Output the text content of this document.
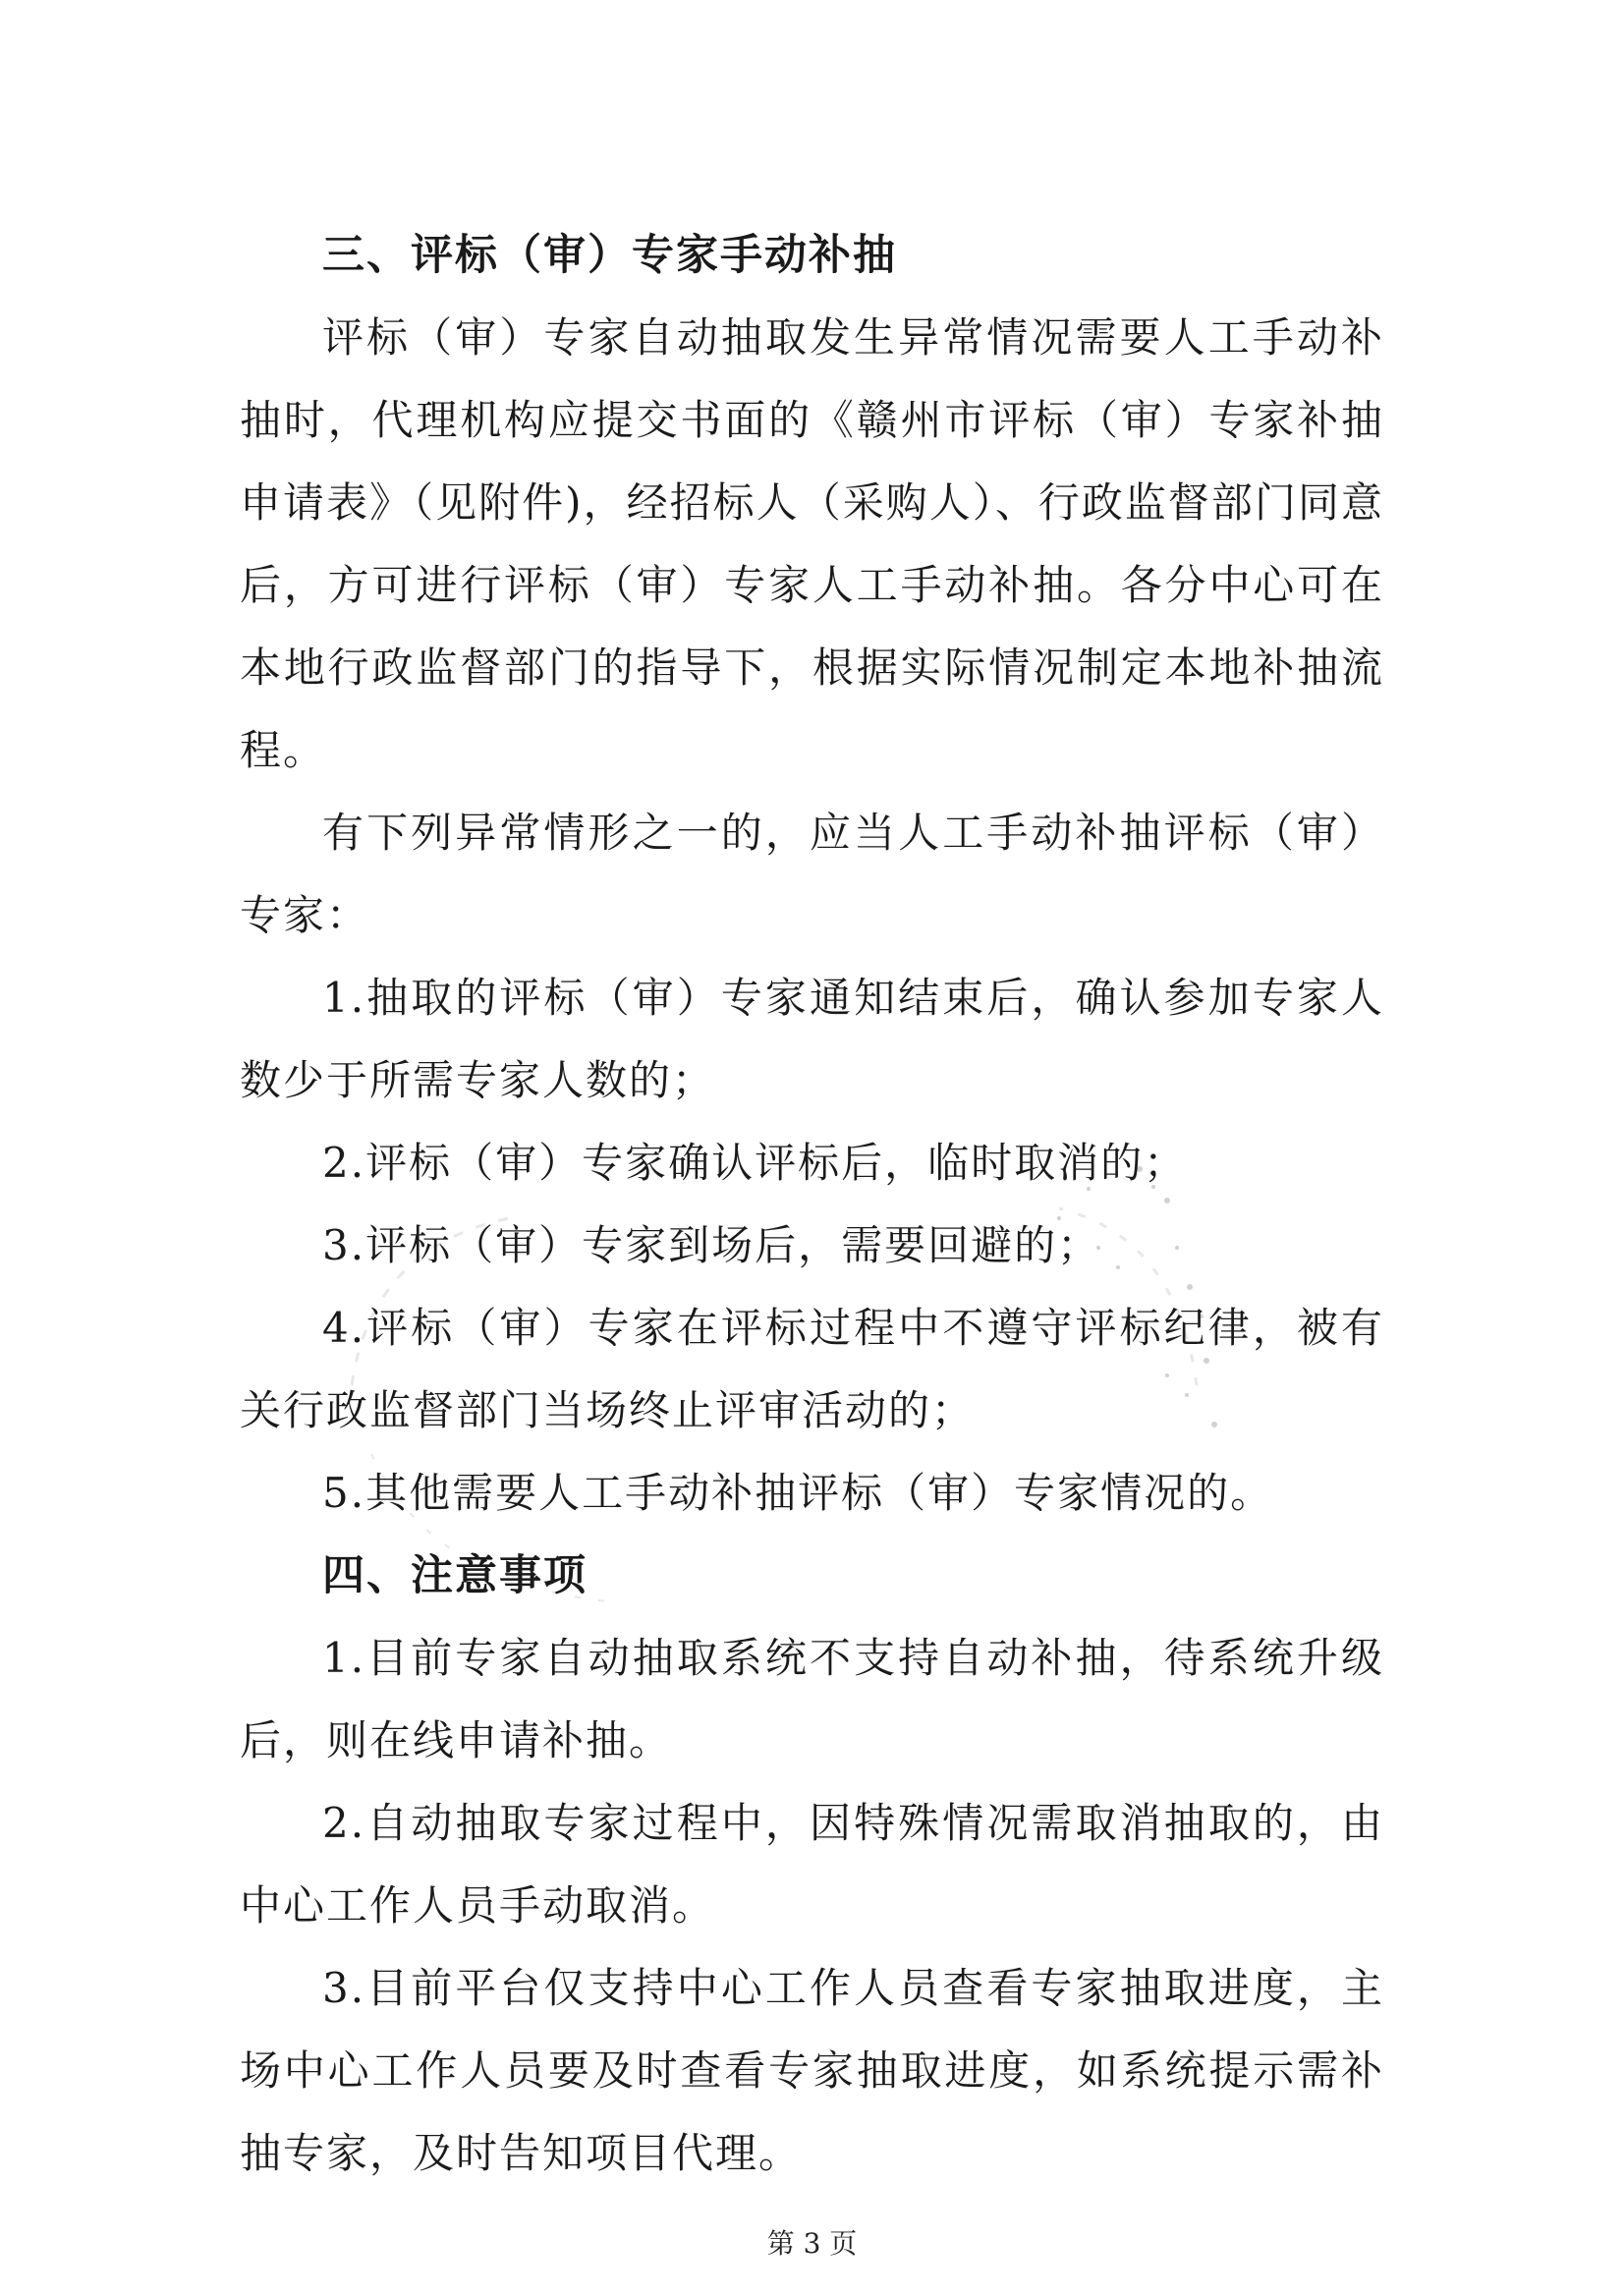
三、评标（审）专家手动补抽

评标（审）专家自动抽取发生异常情况需要人工手动补抽时，代理机构应提交书面的《赣州市评标（审）专家补抽申请表》（见附件)，经招标人（采购人）、行政监督部门同意后，方可进行评标（审）专家人工手动补抽。各分中心可在本地行政监督部门的指导下，根据实际情况制定本地补抽流程。

有下列异常情形之一的，应当人工手动补抽评标（审）专家：

1.抽取的评标（审）专家通知结束后，确认参加专家人数少于所需专家人数的；

2.评标（审）专家确认评标后，临时取消的；

3.评标（审）专家到场后，需要回避的；

4.评标（审）专家在评标过程中不遵守评标纪律，被有关行政监督部门当场终止评审活动的；

5.其他需要人工手动补抽评标（审）专家情况的。

四、注意事项

1.目前专家自动抽取系统不支持自动补抽，待系统升级后，则在线申请补抽。

2.自动抽取专家过程中，因特殊情况需取消抽取的，由中心工作人员手动取消。

3.目前平台仅支持中心工作人员查看专家抽取进度，主场中心工作人员要及时查看专家抽取进度，如系统提示需补抽专家，及时告知项目代理。

第 3 页
